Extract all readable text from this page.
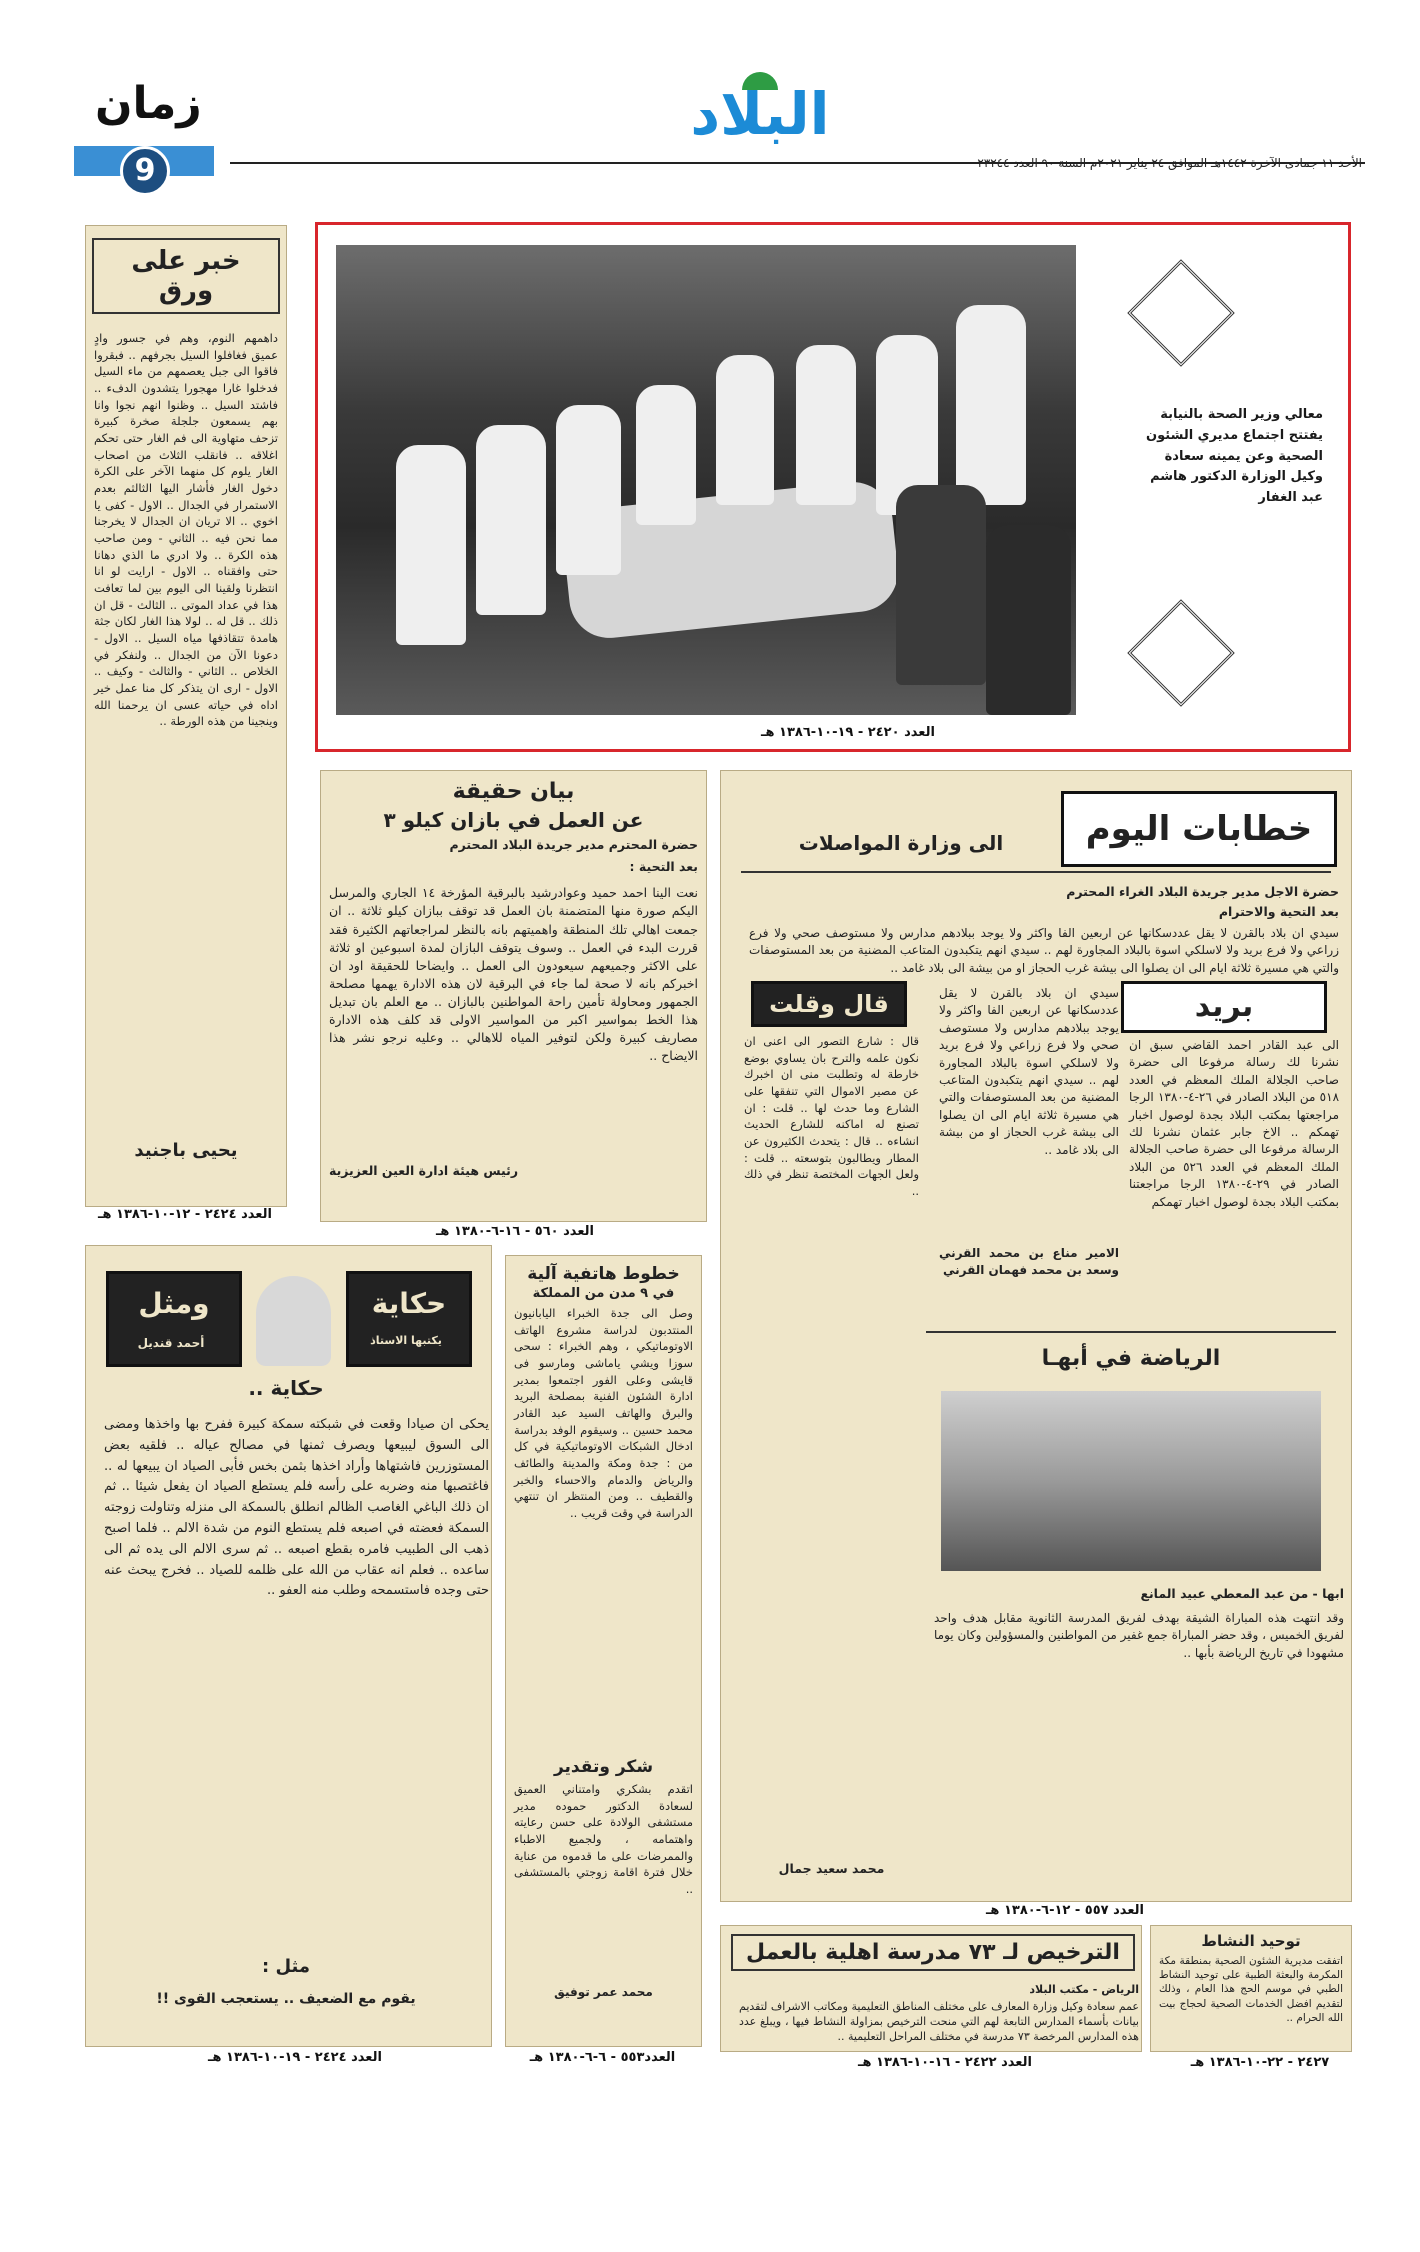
زمان
9
البلاد
معالي وزير الصحة بالنيابة يفتتح اجتماع مديري الشئون الصحية وعن يمينه سعادة وكيل الوزارة الدكتور هاشم عبد الغفار
العدد ٢٤٢٠ - ١٩-١٠-١٣٨٦ هـ
خبر على ورق
داهمهم النوم، وهم في جسور وادٍ عميق فغافلوا السيل بجرفهم .. فبقروا فاقوا الى جبل يعصمهم من ماء السيل فدخلوا غارا مهجورا يتشدون الدفء .. فاشتد السيل .. وظنوا انهم نجوا وانا بهم يسمعون جلجلة صخرة كبيرة تزحف متهاوية الى فم الغار حتى تحكم اغلاقه .. فانقلب الثلاث من اصحاب الغار يلوم كل منهما الآخر على الكرة دخول الغار فأشار اليها الثالثم بعدم الاستمرار في الجدال .. الاول - كفى يا اخوي .. الا تريان ان الجدال لا يخرجنا مما نحن فيه .. الثاني - ومن صاحب هذه الكرة .. ولا ادري ما الذي دهانا حتى وافقناه .. الاول - ارايت لو انا انتظرنا ولقينا الى اليوم بين لما تعافت هذا في عداد الموتى .. الثالث - قل ان ذلك .. قل له .. لولا هذا الغار لكان جثة هامدة تتقاذفها مياه السيل .. الاول - دعونا الآن من الجدال .. ولنفكر في الخلاص .. الثاني - والثالث - وكيف .. الاول - ارى ان يتذكر كل منا عمل خير اداه في حياته عسى ان يرحمنا الله وينجينا من هذه الورطة ..
يحيى باجنيد
العدد ٢٤٢٤ - ١٢-١٠-١٣٨٦ هـ
بيان حقيقة
عن العمل في بازان كيلو ٣
حضرة المحترم مدير جريدة البلاد المحترم
بعد التحية :
نعت الينا احمد حميد وعوادرشيد بالبرقية المؤرخة ١٤ الجاري والمرسل اليكم صورة منها المتضمنة بان العمل قد توقف ببازان كيلو ثلاثة .. ان جمعت اهالي تلك المنطقة واهميتهم بانه بالنظر لمراجعاتهم الكثيرة فقد قررت البدء في العمل .. وسوف يتوقف البازان لمدة اسبوعين او ثلاثة على الاكثر وجميعهم سيعودون الى العمل .. وايضاحا للحقيقة اود ان اخبركم بانه لا صحة لما جاء في البرقية لان هذه الادارة يهمها مصلحة الجمهور ومحاولة تأمين راحة المواطنين بالبازان .. مع العلم بان تبديل هذا الخط بمواسير اكبر من المواسير الاولى قد كلف هذه الادارة مصاريف كبيرة ولكن لتوفير المياه للاهالي .. وعليه نرجو نشر هذا الايضاح ..
رئيس هيئة ادارة العين العزيزية
العدد ٥٦٠ - ١٦-٦-١٣٨٠ هـ
خطابات اليوم
الى وزارة المواصلات
حضرة الاجل مدير جريدة البلاد الغراء المحترم
بعد التحية والاحترام
سيدي ان بلاد بالقرن لا يقل عددسكانها عن اربعين الفا واكثر ولا يوجد ببلادهم مدارس ولا مستوصف صحي ولا فرع زراعي ولا فرع بريد ولا لاسلكي اسوة بالبلاد المجاورة لهم .. سيدي انهم يتكبدون المتاعب المضنية من بعد المستوصفات والتي هي مسيرة ثلاثة ايام الى ان يصلوا الى بيشة غرب الحجاز او من بيشة الى بلاد غامد ..
بريد
الى عبد القادر احمد القاضي سبق ان نشرنا لك رسالة مرفوعا الى حضرة صاحب الجلالة الملك المعظم في العدد ٥١٨ من البلاد الصادر في ٢٦-٤-١٣٨٠ الرجا مراجعتها بمكتب البلاد بجدة لوصول اخبار تهمكم .. الاخ جابر عثمان نشرنا لك الرسالة مرفوعا الى حضرة صاحب الجلالة الملك المعظم في العدد ٥٢٦ من البلاد الصادر في ٢٩-٤-١٣٨٠ الرجا مراجعتنا بمكتب البلاد بجدة لوصول اخبار تهمكم
سيدي ان بلاد بالقرن لا يقل عددسكانها عن اربعين الفا واكثر ولا يوجد ببلادهم مدارس ولا مستوصف صحي ولا فرع زراعي ولا فرع بريد ولا لاسلكي اسوة بالبلاد المجاورة لهم .. سيدي انهم يتكبدون المتاعب المضنية من بعد المستوصفات والتي هي مسيرة ثلاثة ايام الى ان يصلوا الى بيشة غرب الحجاز او من بيشة الى بلاد غامد ..
الامير مناع بن محمد القرني وسعد بن محمد فهمان القرني
قال وقلت
قال : شارع التصور الى اعنى ان نكون علمه والترح بان يساوي بوضع خارطة له وتطلبت منى ان اخبرك عن مصير الاموال التي تنفقها على الشارع وما حدث لها .. قلت : ان تصنع له اماكنه للشارع الحديث انشاءه .. قال : يتحدث الكثيرون عن المطار ويطالبون بتوسعته .. قلت : ولعل الجهات المختصة تنظر في ذلك ..
محمد سعيد جمال
الرياضة في أبهـا
ابها - من عبد المعطي عبيد المانع
وقد انتهت هذه المباراة الشيقة بهدف لفريق المدرسة الثانوية مقابل هدف واحد لفريق الخميس ، وقد حضر المباراة جمع غفير من المواطنين والمسؤولين وكان يوما مشهودا في تاريخ الرياضة بأبها ..
العدد ٥٥٧ - ١٢-٦-١٣٨٠ هـ
حكاية
يكتبها الاستاذ
ومثل
أحمد قنديل
حكاية ..
يحكى ان صيادا وقعت في شبكته سمكة كبيرة ففرح بها واخذها ومضى الى السوق ليبيعها ويصرف ثمنها في مصالح عياله .. فلقيه بعض المستوزرين فاشتهاها وأراد اخذها بثمن بخس فأبى الصياد ان يبيعها له .. فاغتصبها منه وضربه على رأسه فلم يستطع الصياد ان يفعل شيئا .. ثم ان ذلك الباغي الغاصب الظالم انطلق بالسمكة الى منزله وتناولت زوجته السمكة فعضته في اصبعه فلم يستطع النوم من شدة الالم .. فلما اصبح ذهب الى الطبيب فامره بقطع اصبعه .. ثم سرى الالم الى يده ثم الى ساعده .. فعلم انه عقاب من الله على ظلمه للصياد .. فخرج يبحث عنه حتى وجده فاستسمحه وطلب منه العفو ..
مثل :
يقوم مع الضعيف .. يستعجب القوى !!
العدد ٢٤٢٤ - ١٩-١٠-١٣٨٦ هـ
خطوط هاتفية آلية
في ٩ مدن من المملكة
وصل الى جدة الخبراء اليابانيون المنتدبون لدراسة مشروع الهاتف الاوتوماتيكي ، وهم الخبراء : سحى سوزا ويشي ياماشى ومارسو فى قايشى وعلى الفور اجتمعوا بمدير ادارة الشئون الفنية بمصلحة البريد والبرق والهاتف السيد عبد القادر محمد حسين .. وسيقوم الوفد بدراسة ادخال الشبكات الاوتوماتيكية في كل من : جدة ومكة والمدينة والطائف والرياض والدمام والاحساء والخبر والقطيف .. ومن المنتظر ان تنتهي الدراسة في وقت قريب ..
شكر وتقدير
اتقدم بشكري وامتناني العميق لسعادة الدكتور حموده مدير مستشفى الولادة على حسن رعايته واهتمامه ، ولجميع الاطباء والممرضات على ما قدموه من عناية خلال فترة اقامة زوجتي بالمستشفى ..
محمد عمر توفيق
العدد٥٥٣ - ٦-٦-١٣٨٠ هـ
الترخيص لـ ٧٣ مدرسة اهلية بالعمل
الرياض - مكتب البلاد
عمم سعادة وكيل وزارة المعارف على مختلف المناطق التعليمية ومكاتب الاشراف لتقديم بيانات بأسماء المدارس التابعة لهم التي منحت الترخيص بمزاولة النشاط فيها ، ويبلغ عدد هذه المدارس المرخصة ٧٣ مدرسة في مختلف المراحل التعليمية ..
العدد ٢٤٢٢ - ١٦-١٠-١٣٨٦ هـ
توحيد النشاط
اتفقت مديرية الشئون الصحية بمنطقة مكة المكرمة والبعثة الطبية على توحيد النشاط الطبي في موسم الحج هذا العام ، وذلك لتقديم افضل الخدمات الصحية لحجاج بيت الله الحرام ..
٢٤٢٧ - ٢٢-١٠-١٣٨٦ هـ
